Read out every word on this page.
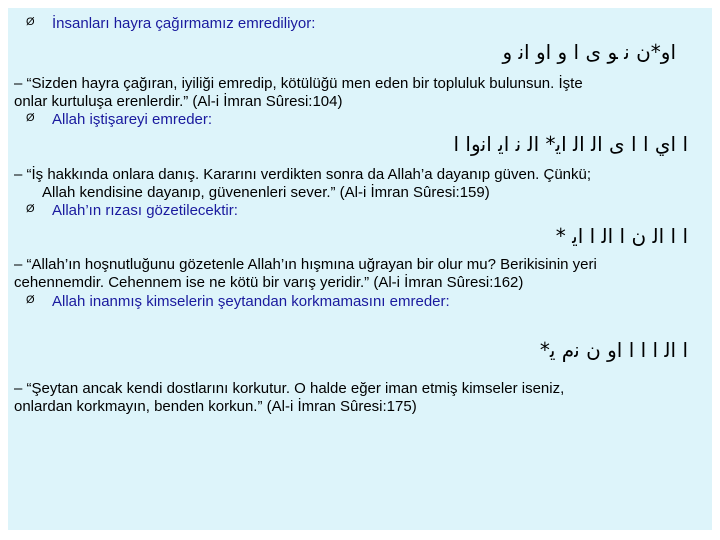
Ø İnsanları hayra çağırmamız emrediliyor:
او*ن ﻧ ﻮ ى ا ﻭ او ﺍﻧ ﻭ
– “Sizden hayra çağıran, iyiliği emredip, kötülüğü men eden bir topluluk bulunsun. İşte
onlar kurtuluşa erenlerdir.” (Al-i İmran Sûresi:104)
Ø Allah iştişareyi emreder:
ﺍ ﺍﻱ ﺍ ﺍ ﻯ ﺍﻟ ﺍﻟ ﺍﻳ* ﺍﻟ ﻧ ﺍﻳ ﺍﻧﻭﺍ ﺍ
– “İş hakkında onlara danış. Kararını verdikten sonra da Allah’a dayanıp güven. Çünkü;
Allah kendisine dayanıp, güvenenleri sever.” (Al-i İmran Sûresi:159)
Ø Allah’ın rızası gözetilecektir:
ﺍ ﺍ ﺍﻟ ﻥ ﺍ ﺍﻟ ﺍ ﺍﻳ *
– “Allah’ın hoşnutluğunu gözetenle Allah’ın hışmına uğrayan bir olur mu? Berikisinin yeri
cehennemdir. Cehennem ise ne kötü bir varış yeridir.” (Al-i İmran Sûresi:162)
Ø Allah inanmış kimselerin şeytandan korkmamasını emreder:
ﺍ ﺍﻟ ﺍ ﺍ ﺍ او ﻥ ﻧﻡ ﻳ*
– “Şeytan ancak kendi dostlarını korkutur. O halde eğer iman etmiş kimseler iseniz,
onlardan korkmayın, benden korkun.” (Al-i İmran Sûresi:175)
